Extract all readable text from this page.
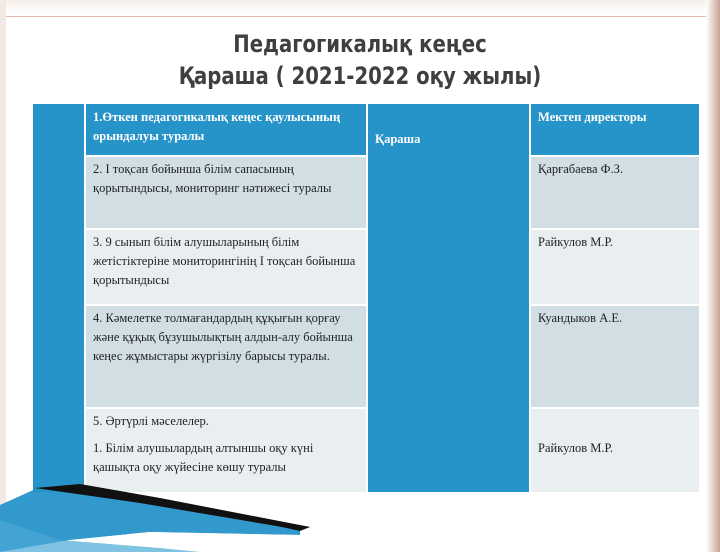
Педагогикалық кеңес
Қараша ( 2021-2022 оқу жылы)
1.Өткен педагогикалық кеңес қаулысының орындалуы туралы	Қараша
Мектеп директоры
2. І тоқсан бойынша білім сапасының қорытындысы, мониторинг нәтижесі туралы
Қарғабаева Ф.З.
3. 9 сынып білім алушыларының білім жетістіктеріне мониторингінің І тоқсан бойынша қорытындысы
Райкулов М.Р.
4. Кәмелетке толмағандардың құқығын қорғау және құқық бұзушылықтың алдын-алу бойынша кеңес жұмыстары жүргізілу барысы туралы.
Куандыков А.Е.
5. Әртүрлі мәселелер.
1. Білім алушылардың алтыншы оқу күні қашықта оқу жүйесіне көшу туралы
Райкулов М.Р.
